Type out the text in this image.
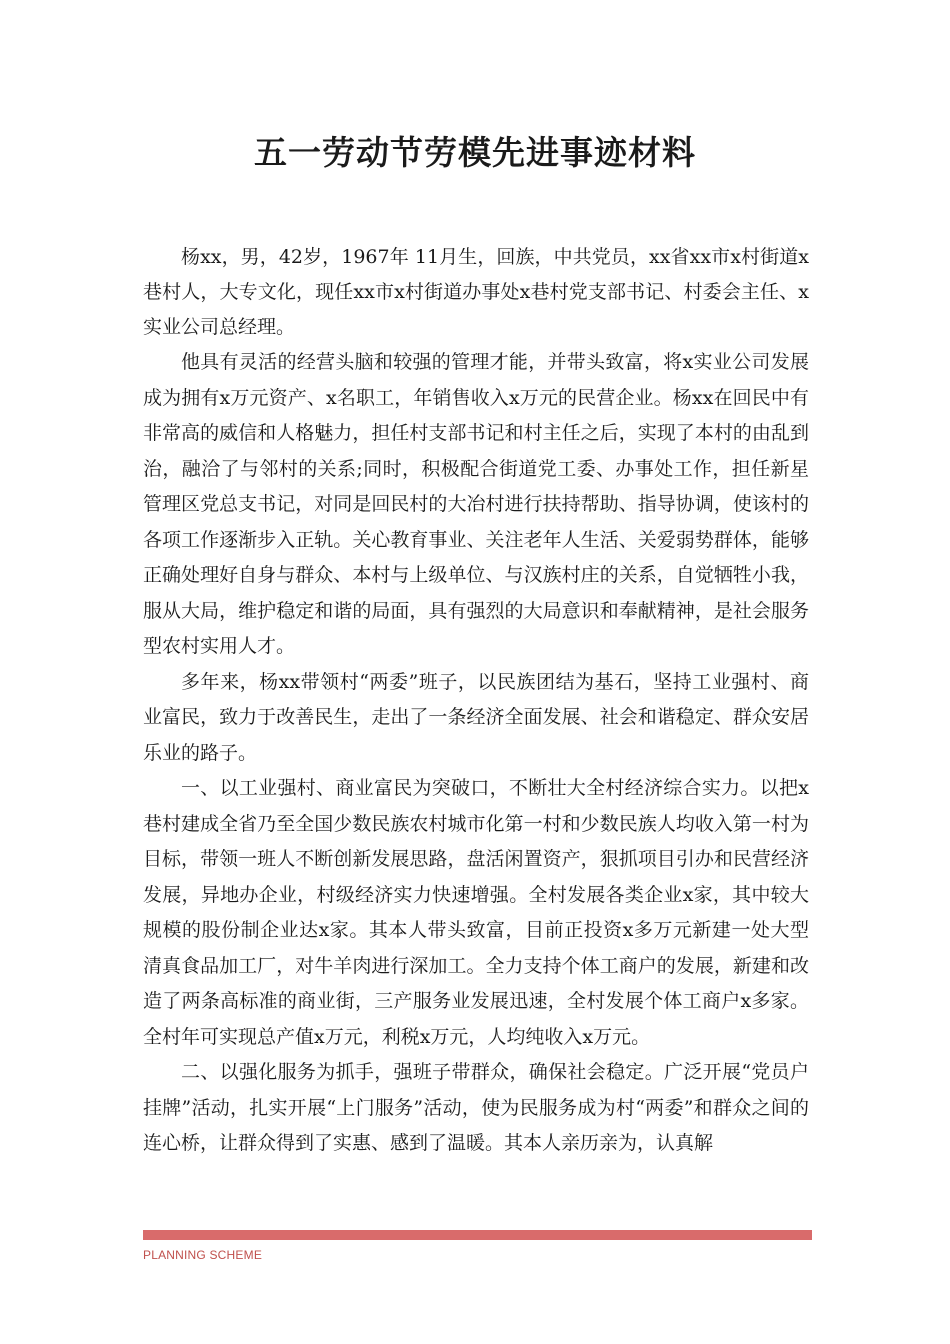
五一劳动节劳模先进事迹材料

杨xx，男，42岁，1967年 11月生，回族，中共党员，xx省xx市x村街道x巷村人，大专文化，现任xx市x村街道办事处x巷村党支部书记、村委会主任、x实业公司总经理。

他具有灵活的经营头脑和较强的管理才能，并带头致富，将x实业公司发展成为拥有x万元资产、x名职工，年销售收入x万元的民营企业。杨xx在回民中有非常高的威信和人格魅力，担任村支部书记和村主任之后，实现了本村的由乱到治，融洽了与邻村的关系;同时，积极配合街道党工委、办事处工作，担任新星管理区党总支书记，对同是回民村的大冶村进行扶持帮助、指导协调，使该村的各项工作逐渐步入正轨。关心教育事业、关注老年人生活、关爱弱势群体，能够正确处理好自身与群众、本村与上级单位、与汉族村庄的关系，自觉牺牲小我，服从大局，维护稳定和谐的局面，具有强烈的大局意识和奉献精神，是社会服务型农村实用人才。

多年来，杨xx带领村“两委”班子，以民族团结为基石，坚持工业强村、商业富民，致力于改善民生，走出了一条经济全面发展、社会和谐稳定、群众安居乐业的路子。

一、以工业强村、商业富民为突破口，不断壮大全村经济综合实力。以把x巷村建成全省乃至全国少数民族农村城市化第一村和少数民族人均收入第一村为目标，带领一班人不断创新发展思路，盘活闲置资产，狠抓项目引办和民营经济发展，异地办企业，村级经济实力快速增强。全村发展各类企业x家，其中较大规模的股份制企业达x家。其本人带头致富，目前正投资x多万元新建一处大型清真食品加工厂，对牛羊肉进行深加工。全力支持个体工商户的发展，新建和改造了两条高标准的商业街，三产服务业发展迅速，全村发展个体工商户x多家。全村年可实现总产值x万元，利税x万元，人均纯收入x万元。

二、以强化服务为抓手，强班子带群众，确保社会稳定。广泛开展“党员户挂牌”活动，扎实开展“上门服务”活动，使为民服务成为村“两委”和群众之间的连心桥，让群众得到了实惠、感到了温暖。其本人亲历亲为，认真解

PLANNING SCHEME
